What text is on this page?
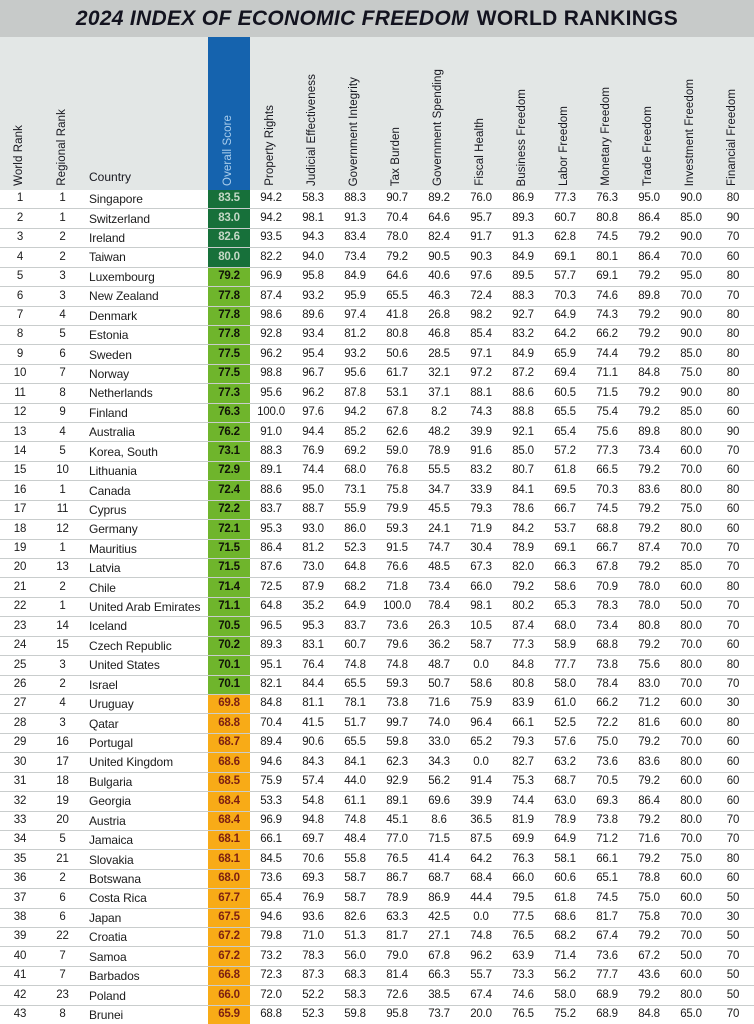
2024 INDEX OF ECONOMIC FREEDOM WORLD RANKINGS
World Rank	Regional Rank	Country	Overall Score	Property Rights	Judicial Effectiveness	Government Integrity	Tax Burden	Government Spending	Fiscal Health	Business Freedom	Labor Freedom	Monetary Freedom	Trade Freedom	Investment Freedom	Financial Freedom
1	1	Singapore	83.5	94.2	58.3	88.3	90.7	89.2	76.0	86.9	77.3	76.3	95.0	90.0	80
2	1	Switzerland	83.0	94.2	98.1	91.3	70.4	64.6	95.7	89.3	60.7	80.8	86.4	85.0	90
3	2	Ireland	82.6	93.5	94.3	83.4	78.0	82.4	91.7	91.3	62.8	74.5	79.2	90.0	70
4	2	Taiwan	80.0	82.2	94.0	73.4	79.2	90.5	90.3	84.9	69.1	80.1	86.4	70.0	60
5	3	Luxembourg	79.2	96.9	95.8	84.9	64.6	40.6	97.6	89.5	57.7	69.1	79.2	95.0	80
6	3	New Zealand	77.8	87.4	93.2	95.9	65.5	46.3	72.4	88.3	70.3	74.6	89.8	70.0	70
7	4	Denmark	77.8	98.6	89.6	97.4	41.8	26.8	98.2	92.7	64.9	74.3	79.2	90.0	80
8	5	Estonia	77.8	92.8	93.4	81.2	80.8	46.8	85.4	83.2	64.2	66.2	79.2	90.0	80
9	6	Sweden	77.5	96.2	95.4	93.2	50.6	28.5	97.1	84.9	65.9	74.4	79.2	85.0	80
10	7	Norway	77.5	98.8	96.7	95.6	61.7	32.1	97.2	87.2	69.4	71.1	84.8	75.0	80
11	8	Netherlands	77.3	95.6	96.2	87.8	53.1	37.1	88.1	88.6	60.5	71.5	79.2	90.0	80
12	9	Finland	76.3	100.0	97.6	94.2	67.8	8.2	74.3	88.8	65.5	75.4	79.2	85.0	60
13	4	Australia	76.2	91.0	94.4	85.2	62.6	48.2	39.9	92.1	65.4	75.6	89.8	80.0	90
14	5	Korea, South	73.1	88.3	76.9	69.2	59.0	78.9	91.6	85.0	57.2	77.3	73.4	60.0	70
15	10	Lithuania	72.9	89.1	74.4	68.0	76.8	55.5	83.2	80.7	61.8	66.5	79.2	70.0	60
16	1	Canada	72.4	88.6	95.0	73.1	75.8	34.7	33.9	84.1	69.5	70.3	83.6	80.0	80
17	11	Cyprus	72.2	83.7	88.7	55.9	79.9	45.5	79.3	78.6	66.7	74.5	79.2	75.0	60
18	12	Germany	72.1	95.3	93.0	86.0	59.3	24.1	71.9	84.2	53.7	68.8	79.2	80.0	60
19	1	Mauritius	71.5	86.4	81.2	52.3	91.5	74.7	30.4	78.9	69.1	66.7	87.4	70.0	70
20	13	Latvia	71.5	87.6	73.0	64.8	76.6	48.5	67.3	82.0	66.3	67.8	79.2	85.0	70
21	2	Chile	71.4	72.5	87.9	68.2	71.8	73.4	66.0	79.2	58.6	70.9	78.0	60.0	80
22	1	United Arab Emirates	71.1	64.8	35.2	64.9	100.0	78.4	98.1	80.2	65.3	78.3	78.0	50.0	70
23	14	Iceland	70.5	96.5	95.3	83.7	73.6	26.3	10.5	87.4	68.0	73.4	80.8	80.0	70
24	15	Czech Republic	70.2	89.3	83.1	60.7	79.6	36.2	58.7	77.3	58.9	68.8	79.2	70.0	60
25	3	United States	70.1	95.1	76.4	74.8	74.8	48.7	0.0	84.8	77.7	73.8	75.6	80.0	80
26	2	Israel	70.1	82.1	84.4	65.5	59.3	50.7	58.6	80.8	58.0	78.4	83.0	70.0	70
27	4	Uruguay	69.8	84.8	81.1	78.1	73.8	71.6	75.9	83.9	61.0	66.2	71.2	60.0	30
28	3	Qatar	68.8	70.4	41.5	51.7	99.7	74.0	96.4	66.1	52.5	72.2	81.6	60.0	80
29	16	Portugal	68.7	89.4	90.6	65.5	59.8	33.0	65.2	79.3	57.6	75.0	79.2	70.0	60
30	17	United Kingdom	68.6	94.6	84.3	84.1	62.3	34.3	0.0	82.7	63.2	73.6	83.6	80.0	60
31	18	Bulgaria	68.5	75.9	57.4	44.0	92.9	56.2	91.4	75.3	68.7	70.5	79.2	60.0	60
32	19	Georgia	68.4	53.3	54.8	61.1	89.1	69.6	39.9	74.4	63.0	69.3	86.4	80.0	60
33	20	Austria	68.4	96.9	94.8	74.8	45.1	8.6	36.5	81.9	78.9	73.8	79.2	80.0	70
34	5	Jamaica	68.1	66.1	69.7	48.4	77.0	71.5	87.5	69.9	64.9	71.2	71.6	70.0	70
35	21	Slovakia	68.1	84.5	70.6	55.8	76.5	41.4	64.2	76.3	58.1	66.1	79.2	75.0	80
36	2	Botswana	68.0	73.6	69.3	58.7	86.7	68.7	68.4	66.0	60.6	65.1	78.8	60.0	60
37	6	Costa Rica	67.7	65.4	76.9	58.7	78.9	86.9	44.4	79.5	61.8	74.5	75.0	60.0	50
38	6	Japan	67.5	94.6	93.6	82.6	63.3	42.5	0.0	77.5	68.6	81.7	75.8	70.0	30
39	22	Croatia	67.2	79.8	71.0	51.3	81.7	27.1	74.8	76.5	68.2	67.4	79.2	70.0	50
40	7	Samoa	67.2	73.2	78.3	56.0	79.0	67.8	96.2	63.9	71.4	73.6	67.2	50.0	70
41	7	Barbados	66.8	72.3	87.3	68.3	81.4	66.3	55.7	73.3	56.2	77.7	43.6	60.0	50
42	23	Poland	66.0	72.0	52.2	58.3	72.6	38.5	67.4	74.6	58.0	68.9	79.2	80.0	50
43	8	Brunei	65.9	68.8	52.3	59.8	95.8	73.7	20.0	76.5	75.2	68.9	84.8	65.0	70
